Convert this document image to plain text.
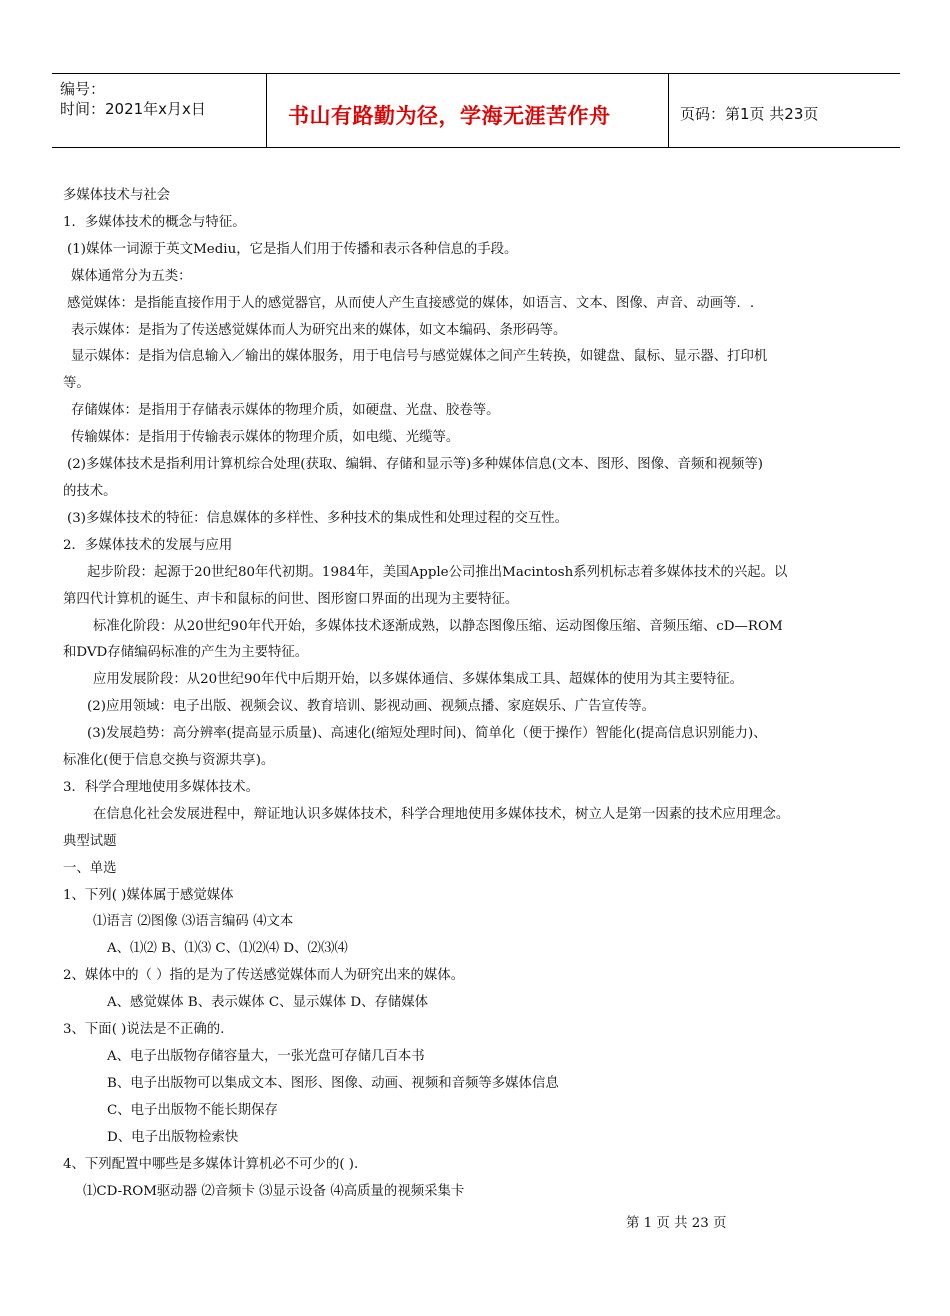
编号：
时间：2021年x月x日	书山有路勤为径，学海无涯苦作舟	页码：第1页 共23页

多媒体技术与社会

1．多媒体技术的概念与特征。

(1)媒体一词源于英文Mediu，它是指人们用于传播和表示各种信息的手段。

媒体通常分为五类：

感觉媒体：是指能直接作用于人的感觉器官，从而使人产生直接感觉的媒体，如语言、文本、图像、声音、动画等．.

表示媒体：是指为了传送感觉媒体而人为研究出来的媒体，如文本编码、条形码等。

显示媒体：是指为信息输入／输出的媒体服务，用于电信号与感觉媒体之间产生转换，如键盘、鼠标、显示器、打印机

等。

存储媒体：是指用于存储表示媒体的物理介质，如硬盘、光盘、胶卷等。

传输媒体：是指用于传输表示媒体的物理介质，如电缆、光缆等。

(2)多媒体技术是指利用计算机综合处理(获取、编辑、存储和显示等)多种媒体信息(文本、图形、图像、音频和视频等)

的技术。

(3)多媒体技术的特征：信息媒体的多样性、多种技术的集成性和处理过程的交互性。

2．多媒体技术的发展与应用

起步阶段：起源于20世纪80年代初期。1984年，美国Apple公司推出Macintosh系列机标志着多媒体技术的兴起。以

第四代计算机的诞生、声卡和鼠标的问世、图形窗口界面的出现为主要特征。

标准化阶段：从20世纪90年代开始，多媒体技术逐渐成熟，以静态图像压缩、运动图像压缩、音频压缩、cD—ROM

和DVD存储编码标准的产生为主要特征。

应用发展阶段：从20世纪90年代中后期开始，以多媒体通信、多媒体集成工具、超媒体的使用为其主要特征。

(2)应用领域：电子出版、视频会议、教育培训、影视动画、视频点播、家庭娱乐、广告宣传等。

(3)发展趋势：高分辨率(提高显示质量)、高速化(缩短处理时间)、简单化（便于操作）智能化(提高信息识别能力)、

标准化(便于信息交换与资源共享)。

3．科学合理地使用多媒体技术。

在信息化社会发展进程中，辩证地认识多媒体技术，科学合理地使用多媒体技术，树立人是第一因素的技术应用理念。

典型试题

一、单选

1、下列( )媒体属于感觉媒体

⑴语言 ⑵图像 ⑶语言编码 ⑷文本

A、⑴⑵ B、⑴⑶ C、⑴⑵⑷ D、⑵⑶⑷

2、媒体中的（ ）指的是为了传送感觉媒体而人为研究出来的媒体。

A、感觉媒体 B、表示媒体 C、显示媒体 D、存储媒体

3、下面( )说法是不正确的.

A、电子出版物存储容量大，一张光盘可存储几百本书

B、电子出版物可以集成文本、图形、图像、动画、视频和音频等多媒体信息

C、电子出版物不能长期保存

D、电子出版物检索快

4、下列配置中哪些是多媒体计算机必不可少的( ).

⑴CD-ROM驱动器 ⑵音频卡 ⑶显示设备 ⑷高质量的视频采集卡

第 1 页 共 23 页
